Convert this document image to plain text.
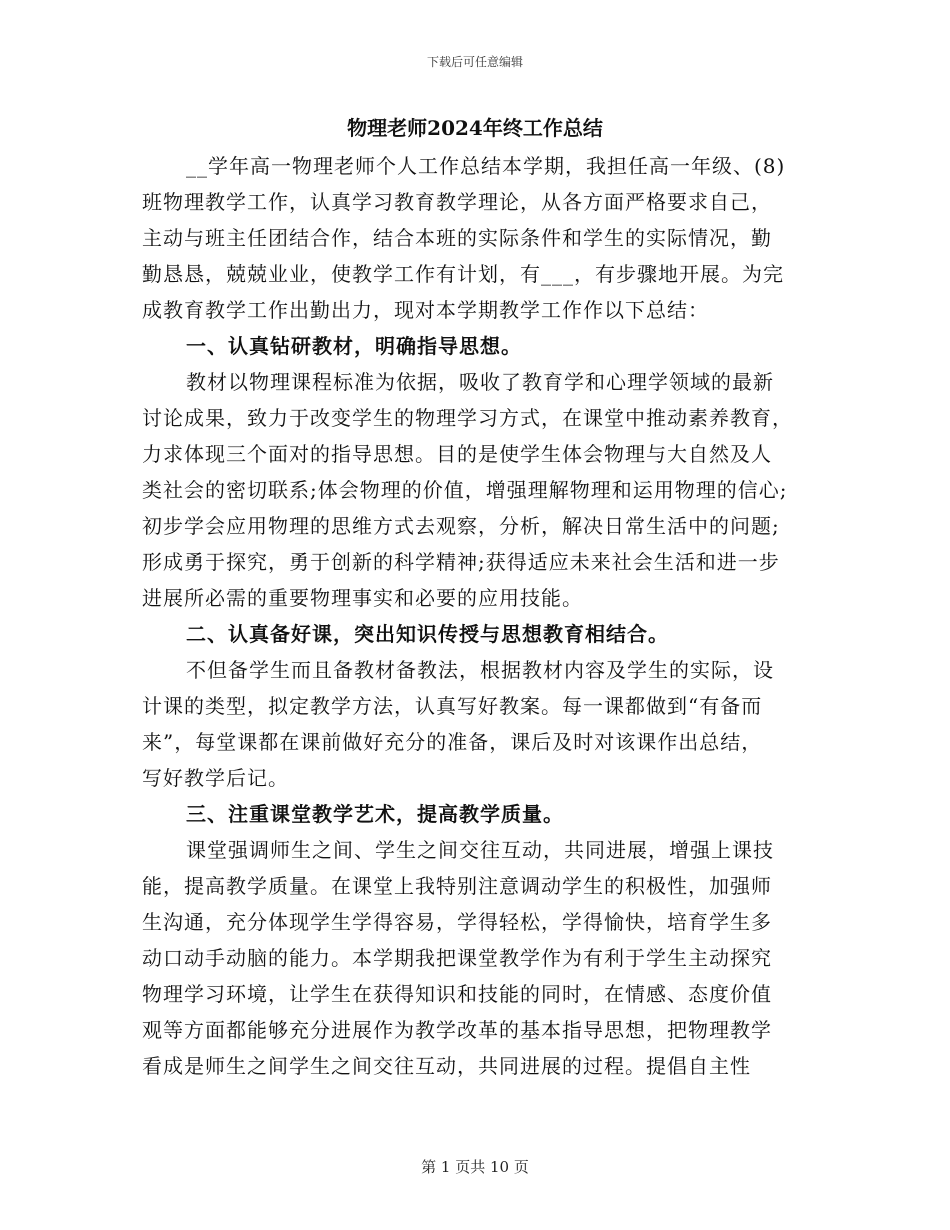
下载后可任意编辑
物理老师2024年终工作总结
__学年高一物理老师个人工作总结本学期，我担任高一年级、(8)
班物理教学工作，认真学习教育教学理论，从各方面严格要求自己，
主动与班主任团结合作，结合本班的实际条件和学生的实际情况，勤
勤恳恳，兢兢业业，使教学工作有计划，有___，有步骤地开展。为完
成教育教学工作出勤出力，现对本学期教学工作作以下总结：
一、认真钻研教材，明确指导思想。
教材以物理课程标准为依据，吸收了教育学和心理学领域的最新
讨论成果，致力于改变学生的物理学习方式，在课堂中推动素养教育，
力求体现三个面对的指导思想。目的是使学生体会物理与大自然及人
类社会的密切联系;体会物理的价值，增强理解物理和运用物理的信心;
初步学会应用物理的思维方式去观察，分析，解决日常生活中的问题;
形成勇于探究，勇于创新的科学精神;获得适应未来社会生活和进一步
进展所必需的重要物理事实和必要的应用技能。
二、认真备好课，突出知识传授与思想教育相结合。
不但备学生而且备教材备教法，根据教材内容及学生的实际，设
计课的类型，拟定教学方法，认真写好教案。每一课都做到“有备而
来”，每堂课都在课前做好充分的准备，课后及时对该课作出总结，
写好教学后记。
三、注重课堂教学艺术，提高教学质量。
课堂强调师生之间、学生之间交往互动，共同进展，增强上课技
能，提高教学质量。在课堂上我特别注意调动学生的积极性，加强师
生沟通，充分体现学生学得容易，学得轻松，学得愉快，培育学生多
动口动手动脑的能力。本学期我把课堂教学作为有利于学生主动探究
物理学习环境，让学生在获得知识和技能的同时，在情感、态度价值
观等方面都能够充分进展作为教学改革的基本指导思想，把物理教学
看成是师生之间学生之间交往互动，共同进展的过程。提倡自主性
第 1 页共 10 页
